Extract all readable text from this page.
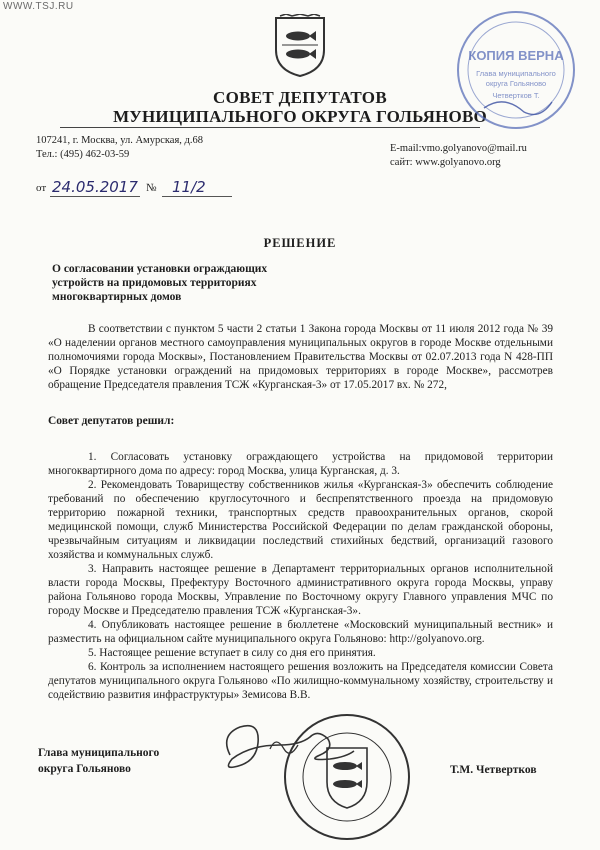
WWW.TSJ.RU
СОВЕТ ДЕПУТАТОВ
МУНИЦИПАЛЬНОГО ОКРУГА ГОЛЬЯНОВО
107241, г. Москва, ул. Амурская, д.68
Тел.: (495) 462-03-59
E-mail:vmo.golyanovo@mail.ru
сайт: www.golyanovo.org
КОПИЯ ВЕРНА
Глава муниципального
округа Гольяново
Четвертков Т.
от 24.05.2017 № 11/2
РЕШЕНИЕ
О согласовании установки ограждающих
устройств на придомовых территориях
многоквартирных домов

В соответствии с пунктом 5 части 2 статьи 1 Закона города Москвы от 11 июля 2012 года № 39 «О наделении органов местного самоуправления муниципальных округов в городе Москве отдельными полномочиями города Москвы», Постановлением Правительства Москвы от 02.07.2013 года N 428-ПП «О Порядке установки ограждений на придомовых территориях в городе Москве», рассмотрев обращение Председателя правления ТСЖ «Курганская-3» от 17.05.2017 вх. № 272,

Совет депутатов решил:

1. Согласовать установку ограждающего устройства на придомовой территории многоквартирного дома по адресу: город Москва, улица Курганская, д. 3.

2. Рекомендовать Товариществу собственников жилья «Курганская-3» обеспечить соблюдение требований по обеспечению круглосуточного и беспрепятственного проезда на придомовую территорию пожарной техники, транспортных средств правоохранительных органов, скорой медицинской помощи, служб Министерства Российской Федерации по делам гражданской обороны, чрезвычайным ситуациям и ликвидации последствий стихийных бедствий, организаций газового хозяйства и коммунальных служб.

3. Направить настоящее решение в Департамент территориальных органов исполнительной власти города Москвы, Префектуру Восточного административного округа города Москвы, управу района Гольяново города Москвы, Управление по Восточному округу Главного управления МЧС по городу Москве и Председателю правления ТСЖ «Курганская-3».

4. Опубликовать настоящее решение в бюллетене «Московский муниципальный вестник» и разместить на официальном сайте муниципального округа Гольяново: http://golyanovo.org.

5. Настоящее решение вступает в силу со дня его принятия.

6. Контроль за исполнением настоящего решения возложить на Председателя комиссии Совета депутатов муниципального округа Гольяново «По жилищно-коммунальному хозяйству, строительству и содействию развития инфраструктуры» Земисова В.В.

Глава муниципального
округа Гольяново	Т.М. Четвертков
